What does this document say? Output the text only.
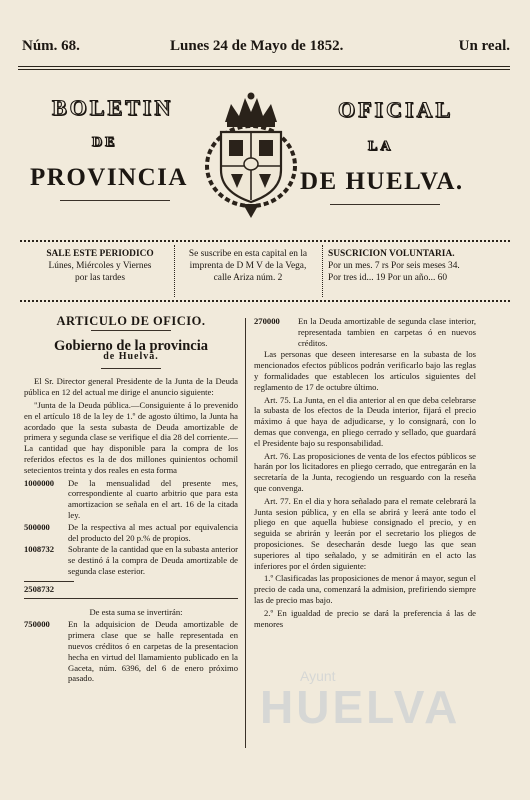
Núm. 68.	Lunes 24 de Mayo de 1852.	Un real.
BOLETIN	OFICIAL
DE	LA
PROVINCIA	DE HUELVA.
SALE ESTE PERIODICO
Lúnes, Miércoles y Viernes
por las tardes
Se suscribe en esta capital en la
imprenta de D M V de la Vega,
calle Ariza núm. 2
SUSCRICION VOLUNTARIA.
Por un mes. 7 rs Por seis meses 34.
Por tres id... 19 Por un año... 60

ARTICULO DE OFICIO.

Gobierno de la provincia

de Huelva.

El Sr. Director general Presidente de la Junta de la Deuda pública en 12 del actual me dirige el anuncio siguiente:

"Junta de la Deuda pública.—Consiguiente á lo prevenido en el artículo 18 de la ley de 1.º de agosto último, la Junta ha acordado que la sesta subasta de Deuda amortizable de primera y segunda clase se verifique el dia 28 del corriente.—La cantidad que hay disponible para la compra de los referidos efectos es la de dos millones quinientos ochomil setecientos treinta y dos reales en esta forma

1000000	De la mensualidad del presente mes, correspondiente al cuarto arbitrio que para esta amortizacion se señala en el art. 16 de la citada ley.
500000	De la respectiva al mes actual por equivalencia del producto del 20 p.% de propios.
1008732	Sobrante de la cantidad que en la subasta anterior se destinó á la compra de Deuda amortizable de segunda clase esterior.
2508732

De esta suma se invertirán:

750000	En la adquisicion de Deuda amortizable de primera clase que se halle representada en nuevos créditos ó en carpetas de la presentacion hecha en virtud del llamamiento publicado en la Gaceta, núm. 6396, del 6 de enero próximo pasado.
270000	En la Deuda amortizable de segunda clase interior, representada tambien en carpetas ó en nuevos créditos.

Las personas que deseen interesarse en la subasta de los mencionados efectos públicos podrán verificarlo bajo las reglas y formalidades que establecen los artículos siguientes del reglamento de 17 de octubre último.

Art. 75. La Junta, en el dia anterior al en que deba celebrarse la subasta de los efectos de la Deuda interior, fijará el precio máximo á que haya de adjudicarse, y lo consignará, con lo demas que convenga, en pliego cerrado y sellado, que guardará el Presidente bajo su responsabilidad.

Art. 76. Las proposiciones de venta de los efectos públicos se harán por los licitadores en pliego cerrado, que entregarán en la secretaría de la Junta, recogiendo un resguardo con la reseña que convenga.

Art. 77. En el dia y hora señalado para el remate celebrará la Junta sesion pública, y en ella se abrirá y leerá ante todo el pliego en que aquella hubiese consignado el precio, y en seguida se abrirán y leerán por el secretario los pliegos de proposiciones. Se desecharán desde luego las que sean superiores al tipo señalado, y se admitirán en el acto las inferiores por el órden siguiente:

1.º Clasificadas las proposiciones de menor á mayor, segun el precio de cada una, comenzará la admision, prefiriendo siempre las de precio mas bajo.

2.º En igualdad de precio se dará la preferencia á las de menores

Ayunt
HUELVA
